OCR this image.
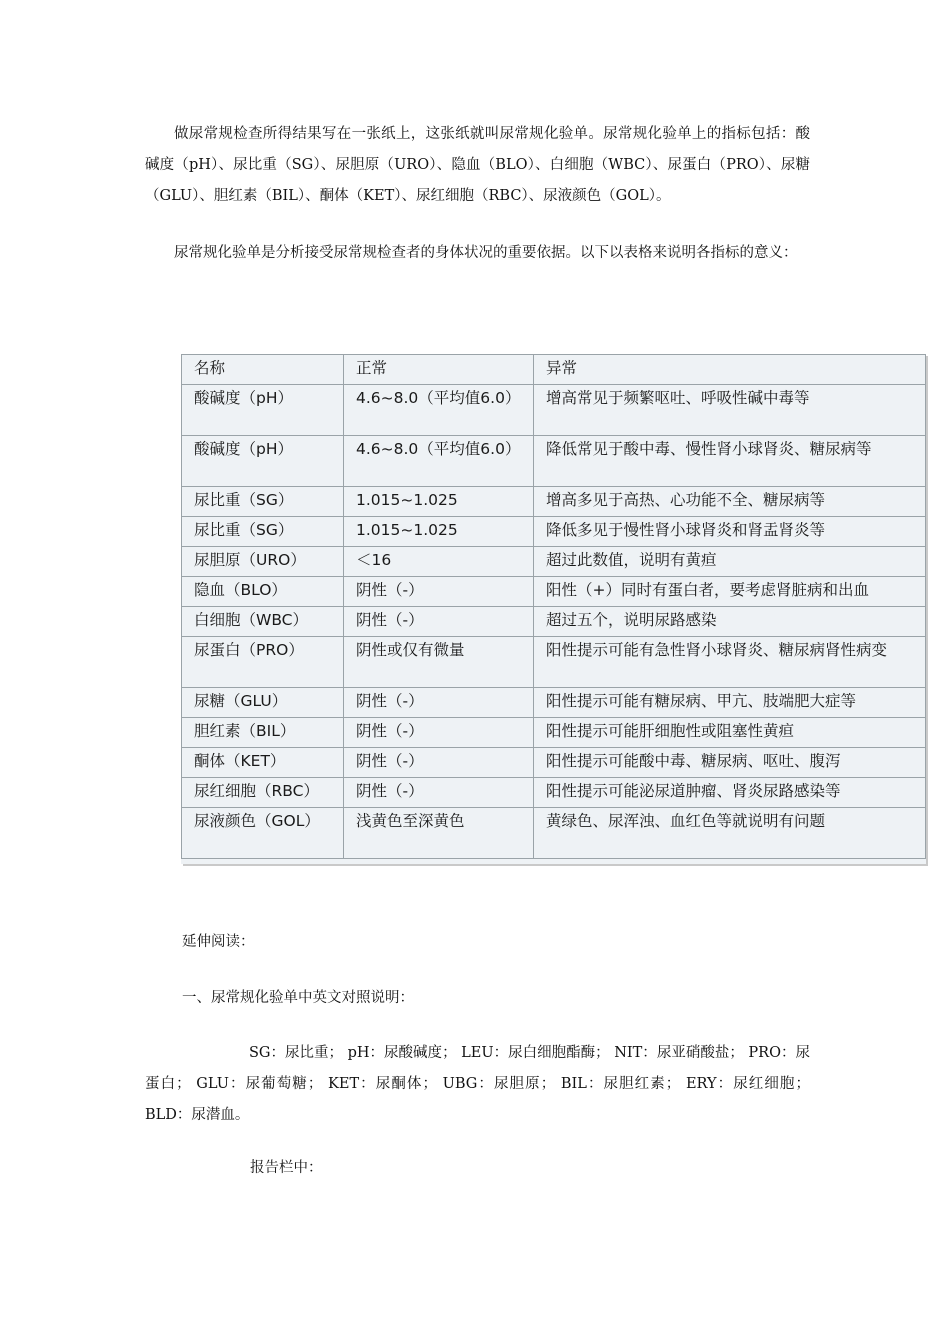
做尿常规检查所得结果写在一张纸上，这张纸就叫尿常规化验单。尿常规化验单上的指标包括：酸碱度（pH）、尿比重（SG）、尿胆原（URO）、隐血（BLO）、白细胞（WBC）、尿蛋白（PRO）、尿糖（GLU）、胆红素（BIL）、酮体（KET）、尿红细胞（RBC）、尿液颜色（GOL）。

尿常规化验单是分析接受尿常规检查者的身体状况的重要依据。以下以表格来说明各指标的意义：

名称	正常	异常
酸碱度（pH）	4.6~8.0（平均值6.0）	增高常见于频繁呕吐、呼吸性碱中毒等
酸碱度（pH）	4.6~8.0（平均值6.0）	降低常见于酸中毒、慢性肾小球肾炎、糖尿病等
尿比重（SG）	1.015~1.025	增高多见于高热、心功能不全、糖尿病等
尿比重（SG）	1.015~1.025	降低多见于慢性肾小球肾炎和肾盂肾炎等
尿胆原（URO）	＜16	超过此数值，说明有黄疸
隐血（BLO）	阴性（-）	阳性（+）同时有蛋白者，要考虑肾脏病和出血
白细胞（WBC）	阴性（-）	超过五个，说明尿路感染
尿蛋白（PRO）	阴性或仅有微量	阳性提示可能有急性肾小球肾炎、糖尿病肾性病变
尿糖（GLU）	阴性（-）	阳性提示可能有糖尿病、甲亢、肢端肥大症等
胆红素（BIL）	阴性（-）	阳性提示可能肝细胞性或阻塞性黄疸
酮体（KET）	阴性（-）	阳性提示可能酸中毒、糖尿病、呕吐、腹泻
尿红细胞（RBC）	阴性（-）	阳性提示可能泌尿道肿瘤、肾炎尿路感染等
尿液颜色（GOL）	浅黄色至深黄色	黄绿色、尿浑浊、血红色等就说明有问题

延伸阅读：

一、尿常规化验单中英文对照说明：

SG：尿比重； pH：尿酸碱度； LEU：尿白细胞酯酶； NIT：尿亚硝酸盐； PRO：尿蛋白； GLU：尿葡萄糖； KET：尿酮体； UBG：尿胆原； BIL：尿胆红素； ERY：尿红细胞； BLD：尿潜血。

报告栏中：
